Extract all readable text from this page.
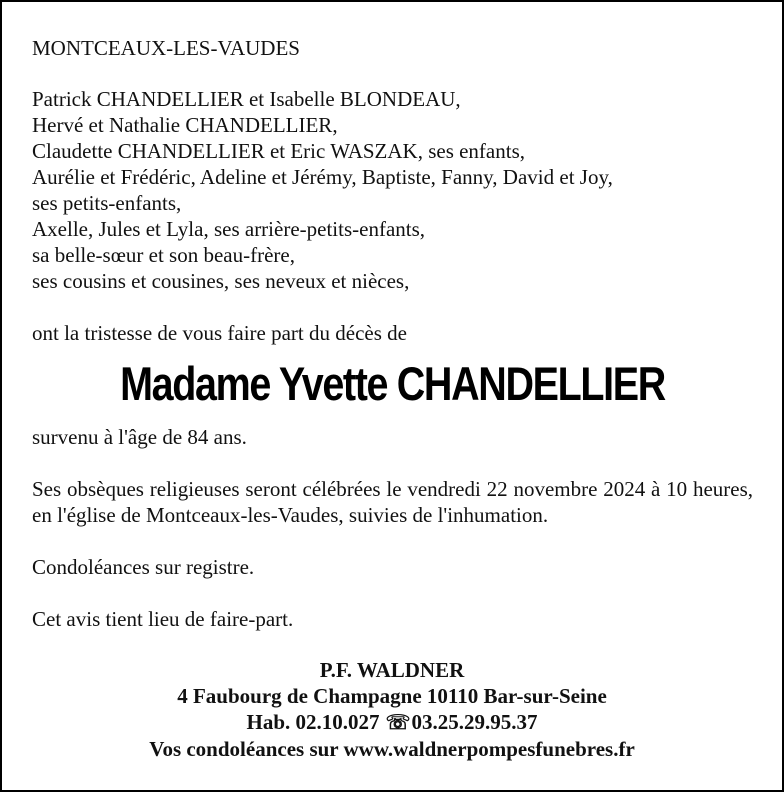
MONTCEAUX-LES-VAUDES
Patrick CHANDELLIER et Isabelle BLONDEAU,
Hervé et Nathalie CHANDELLIER,
Claudette CHANDELLIER et Eric WASZAK, ses enfants,
Aurélie et Frédéric, Adeline et Jérémy, Baptiste, Fanny, David et Joy,
ses petits-enfants,
Axelle, Jules et Lyla, ses arrière-petits-enfants,
sa belle-sœur et son beau-frère,
ses cousins et cousines, ses neveux et nièces,
ont la tristesse de vous faire part du décès de
Madame Yvette CHANDELLIER
survenu à l'âge de 84 ans.
Ses obsèques religieuses seront célébrées le vendredi 22 novembre 2024 à 10 heures, en l'église de Montceaux-les-Vaudes, suivies de l'inhumation.
Condoléances sur registre.
Cet avis tient lieu de faire-part.
P.F. WALDNER
4 Faubourg de Champagne 10110 Bar-sur-Seine
Hab. 02.10.027 ☏03.25.29.95.37
Vos condoléances sur www.waldnerpompesfunebres.fr
